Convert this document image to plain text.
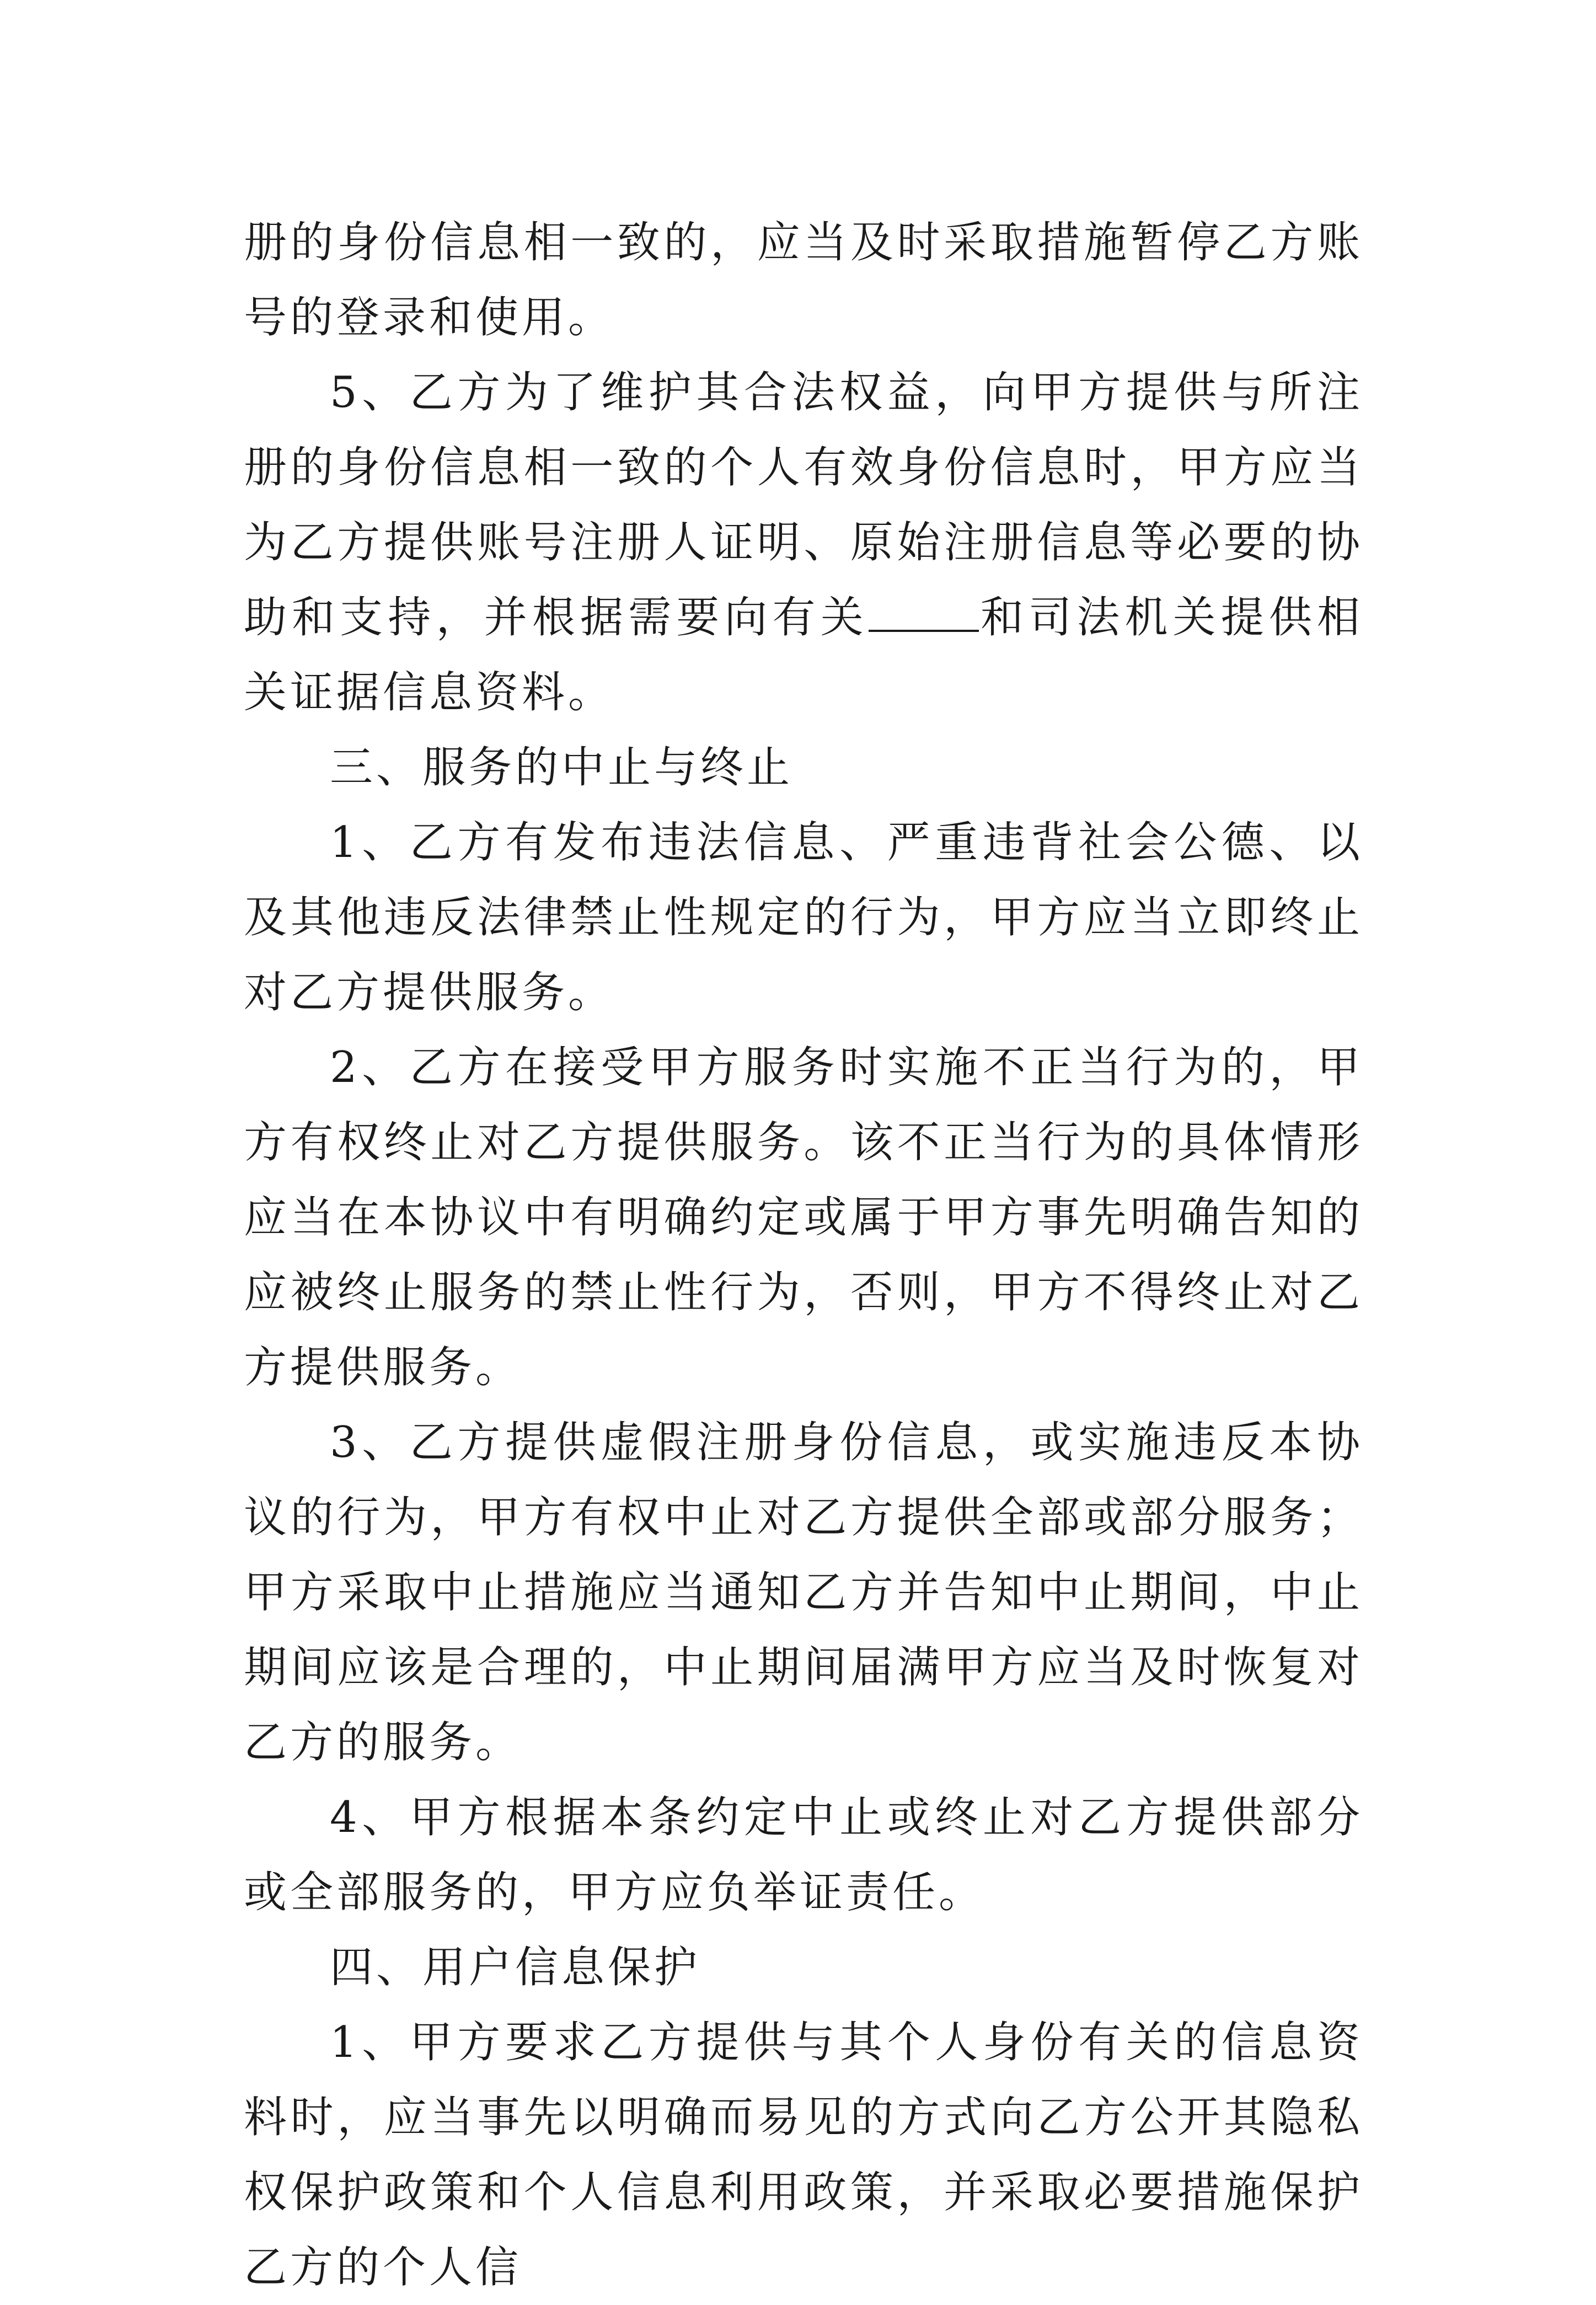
册的身份信息相一致的，应当及时采取措施暂停乙方账号的登录和使用。

5、乙方为了维护其合法权益，向甲方提供与所注册的身份信息相一致的个人有效身份信息时，甲方应当为乙方提供账号注册人证明、原始注册信息等必要的协助和支持，并根据需要向有关	和司法机关提供相关证据信息资料。

三、服务的中止与终止

1、乙方有发布违法信息、严重违背社会公德、以及其他违反法律禁止性规定的行为，甲方应当立即终止对乙方提供服务。

2、乙方在接受甲方服务时实施不正当行为的，甲方有权终止对乙方提供服务。该不正当行为的具体情形应当在本协议中有明确约定或属于甲方事先明确告知的应被终止服务的禁止性行为，否则，甲方不得终止对乙方提供服务。

3、乙方提供虚假注册身份信息，或实施违反本协议的行为，甲方有权中止对乙方提供全部或部分服务；甲方采取中止措施应当通知乙方并告知中止期间，中止期间应该是合理的，中止期间届满甲方应当及时恢复对乙方的服务。

4、甲方根据本条约定中止或终止对乙方提供部分或全部服务的，甲方应负举证责任。

四、用户信息保护

1、甲方要求乙方提供与其个人身份有关的信息资料时，应当事先以明确而易见的方式向乙方公开其隐私权保护政策和个人信息利用政策，并采取必要措施保护乙方的个人信
